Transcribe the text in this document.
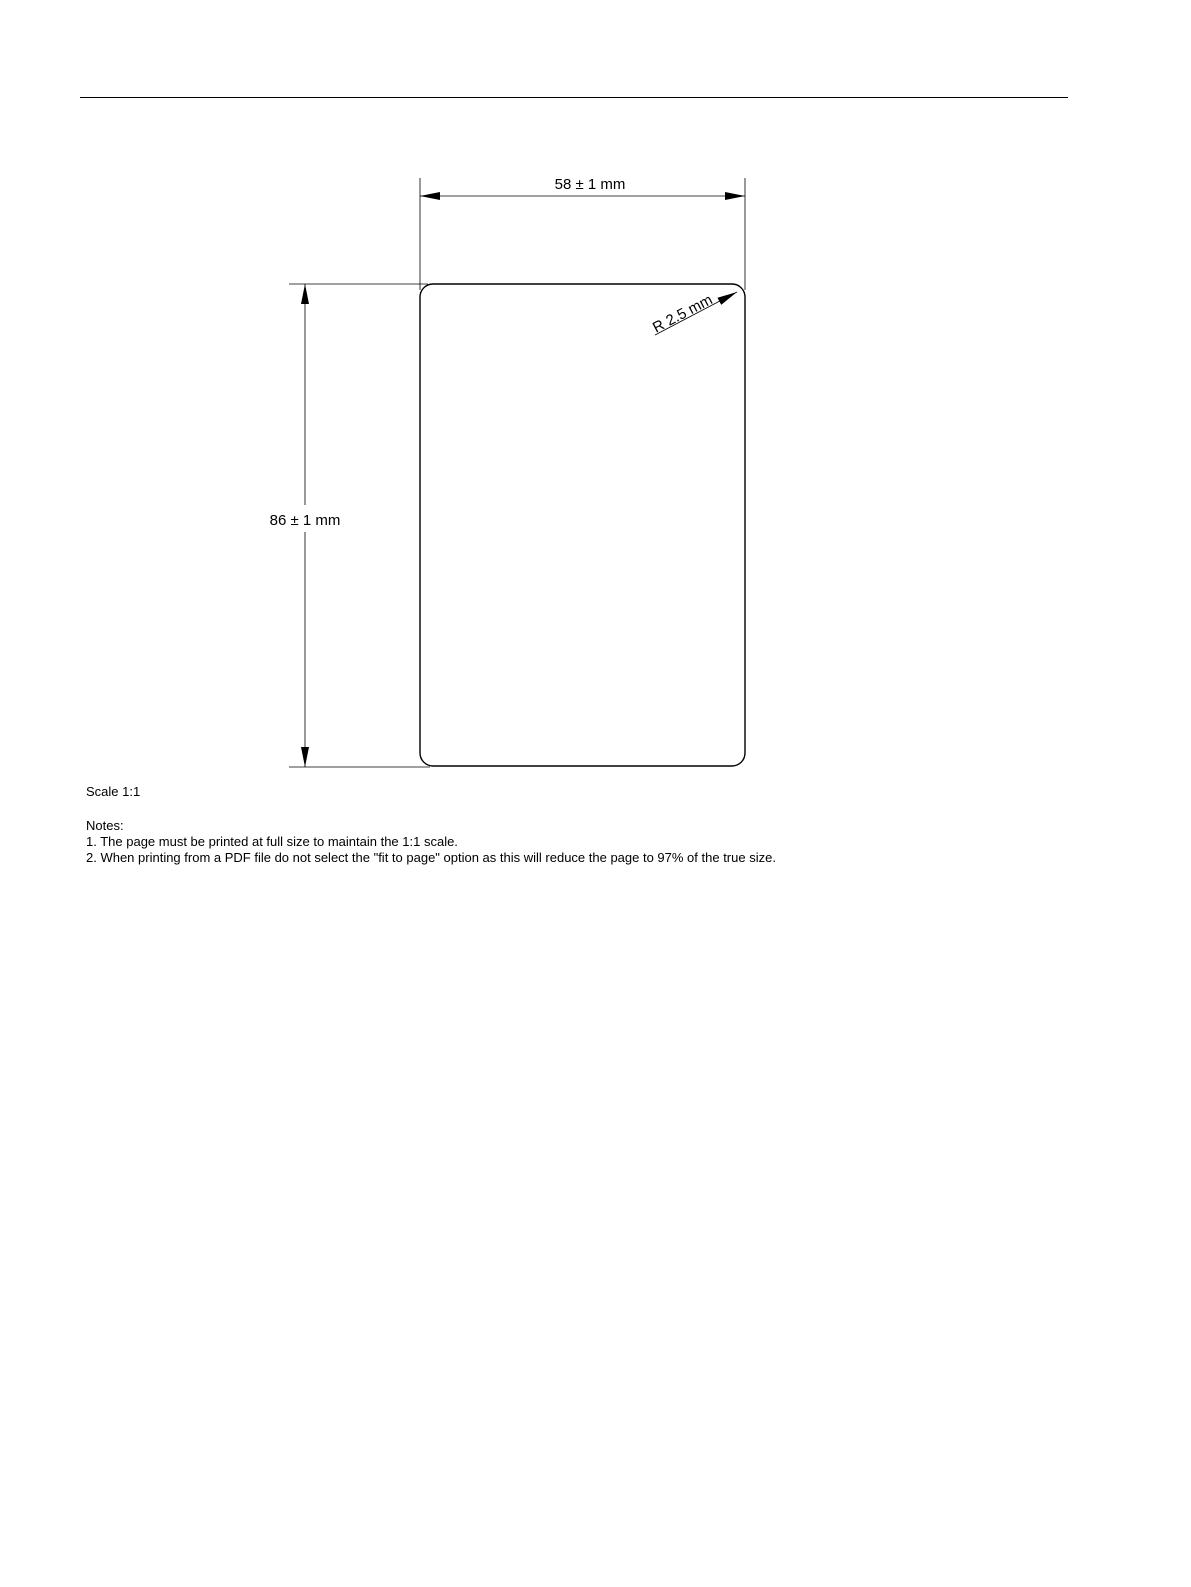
58 ± 1 mm
86 ± 1 mm
R 2.5 mm
Scale 1:1
Notes:
1. The page must be printed at full size to maintain the 1:1 scale.
2. When printing from a PDF file do not select the "fit to page" option as this will reduce the page to 97% of the true size.
